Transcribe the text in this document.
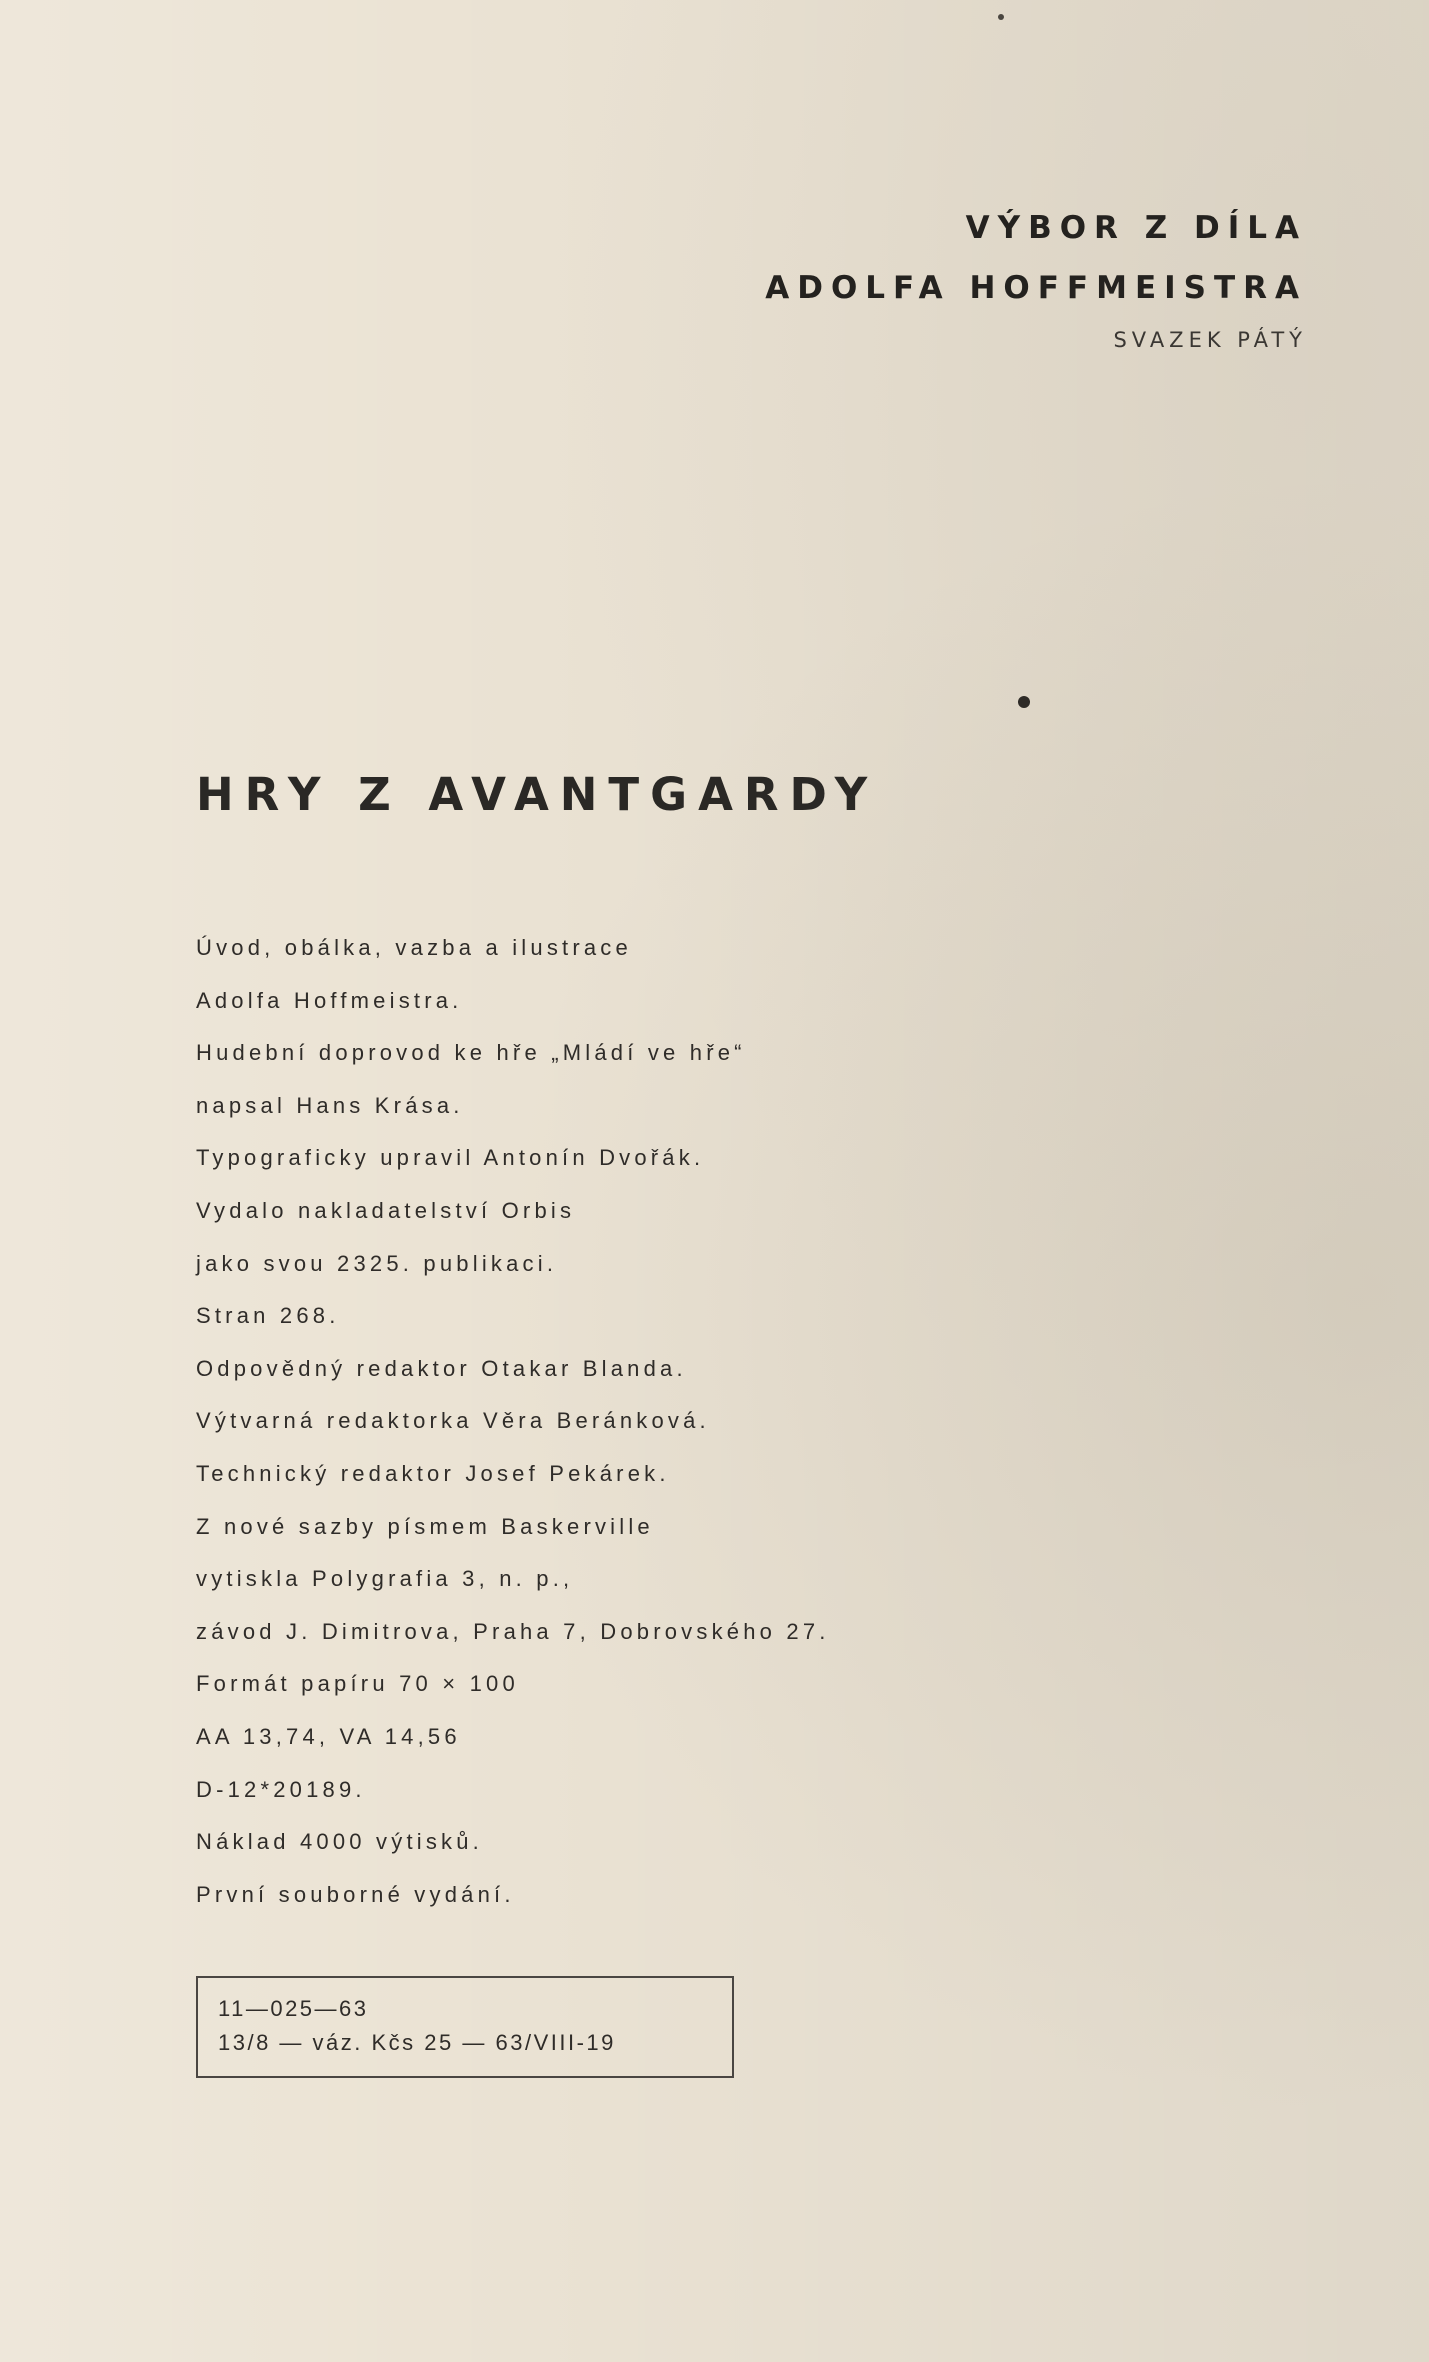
VÝBOR Z DÍLA
ADOLFA HOFFMEISTRA
SVAZEK PÁTÝ
HRY Z AVANTGARDY
Úvod, obálka, vazba a ilustrace
Adolfa Hoffmeistra.
Hudební doprovod ke hře „Mládí ve hře“
napsal Hans Krása.
Typograficky upravil Antonín Dvořák.
Vydalo nakladatelství Orbis
jako svou 2325. publikaci.
Stran 268.
Odpovědný redaktor Otakar Blanda.
Výtvarná redaktorka Věra Beránková.
Technický redaktor Josef Pekárek.
Z nové sazby písmem Baskerville
vytiskla Polygrafia 3, n. p.,
závod J. Dimitrova, Praha 7, Dobrovského 27.
Formát papíru 70 × 100
AA 13,74, VA 14,56
D-12*20189.
Náklad 4000 výtisků.
První souborné vydání.
11—025—63
13/8 — váz. Kčs 25 — 63/VIII-19
